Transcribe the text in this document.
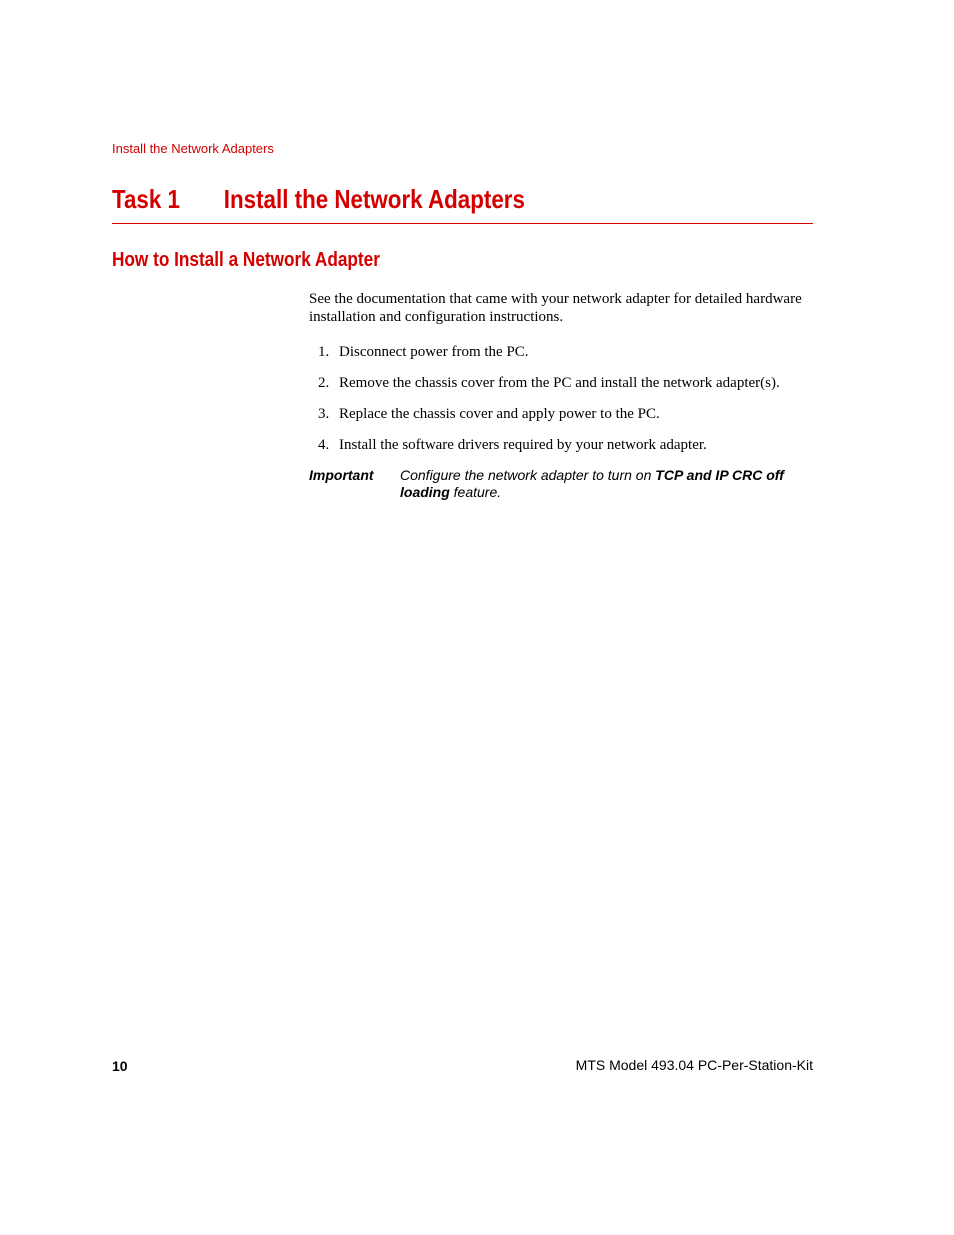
Install the Network Adapters

Task 1 Install the Network Adapters
How to Install a Network Adapter

See the documentation that came with your network adapter for detailed hardware installation and configuration instructions.

1. Disconnect power from the PC.
2. Remove the chassis cover from the PC and install the network adapter(s).
3. Replace the chassis cover and apply power to the PC.
4. Install the software drivers required by your network adapter.
Important	Configure the network adapter to turn on TCP and IP CRC off loading feature.

10	MTS Model 493.04 PC-Per-Station-Kit
